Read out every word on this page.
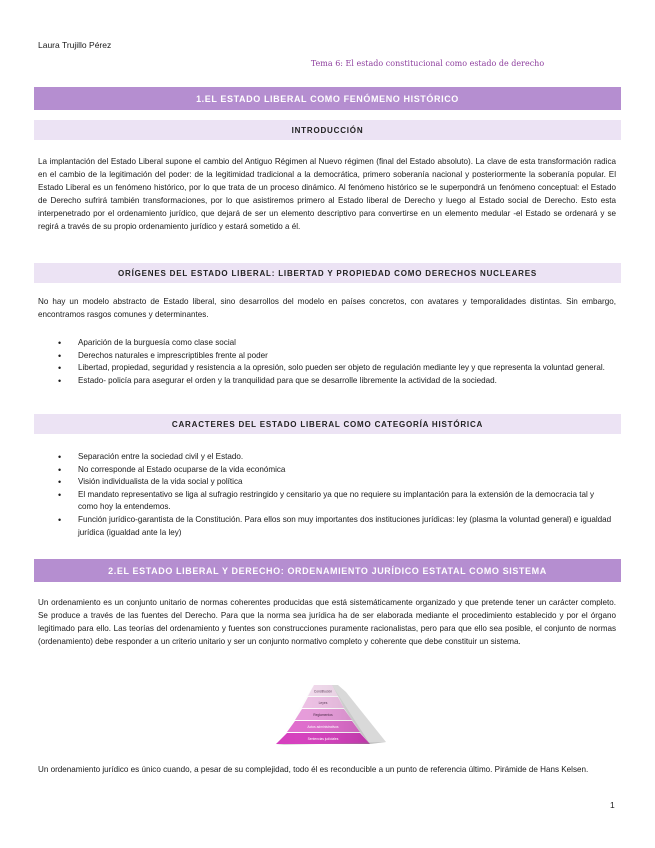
Laura Trujillo Pérez
Tema 6: El estado constitucional como estado de derecho
1.EL ESTADO LIBERAL COMO FENÓMENO HISTÓRICO
INTRODUCCIÓN

La implantación del Estado Liberal supone el cambio del Antiguo Régimen al Nuevo régimen (final del Estado absoluto). La clave de esta transformación radica en el cambio de la legitimación del poder: de la legitimidad tradicional a la democrática, primero soberanía nacional y posteriormente la soberanía popular. El Estado Liberal es un fenómeno histórico, por lo que trata de un proceso dinámico. Al fenómeno histórico se le superpondrá un fenómeno conceptual: el Estado de Derecho sufrirá también transformaciones, por lo que asistiremos primero al Estado liberal de Derecho y luego al Estado social de Derecho. Esto esta interpenetrado por el ordenamiento jurídico, que dejará de ser un elemento descriptivo para convertirse en un elemento medular -el Estado se ordenará y se regirá a través de su propio ordenamiento jurídico y estará sometido a él.

ORÍGENES DEL ESTADO LIBERAL: LIBERTAD Y PROPIEDAD COMO DERECHOS NUCLEARES

No hay un modelo abstracto de Estado liberal, sino desarrollos del modelo en países concretos, con avatares y temporalidades distintas. Sin embargo, encontramos rasgos comunes y determinantes.

• Aparición de la burguesía como clase social
• Derechos naturales e imprescriptibles frente al poder
• Libertad, propiedad, seguridad y resistencia a la opresión, solo pueden ser objeto de regulación mediante ley y que representa la voluntad general.
• Estado- policía para asegurar el orden y la tranquilidad para que se desarrolle libremente la actividad de la sociedad.
CARACTERES DEL ESTADO LIBERAL COMO CATEGORÍA HISTÓRICA
• Separación entre la sociedad civil y el Estado.
• No corresponde al Estado ocuparse de la vida económica
• Visión individualista de la vida social y política
• El mandato representativo se liga al sufragio restringido y censitario ya que no requiere su implantación para la extensión de la democracia tal y como hoy la entendemos.
• Función jurídico-garantista de la Constitución. Para ellos son muy importantes dos instituciones jurídicas: ley (plasma la voluntad general) e igualdad jurídica (igualdad ante la ley)
2.EL ESTADO LIBERAL Y DERECHO: ORDENAMIENTO JURÍDICO ESTATAL COMO SISTEMA

Un ordenamiento es un conjunto unitario de normas coherentes producidas que está sistemáticamente organizado y que pretende tener un carácter completo. Se produce a través de las fuentes del Derecho. Para que la norma sea jurídica ha de ser elaborada mediante el procedimiento establecido y por el órgano legitimado para ello. Las teorías del ordenamiento y fuentes son construcciones puramente racionalistas, pero para que ello sea posible, el conjunto de normas (ordenamiento) debe responder a un criterio unitario y ser un conjunto normativo completo y coherente que debe constituir un sistema.

Constitución
Leyes
Reglamentos
Actos administrativos
Sentencias judiciales

Un ordenamiento jurídico es único cuando, a pesar de su complejidad, todo él es reconducible a un punto de referencia último. Pirámide de Hans Kelsen.

1
